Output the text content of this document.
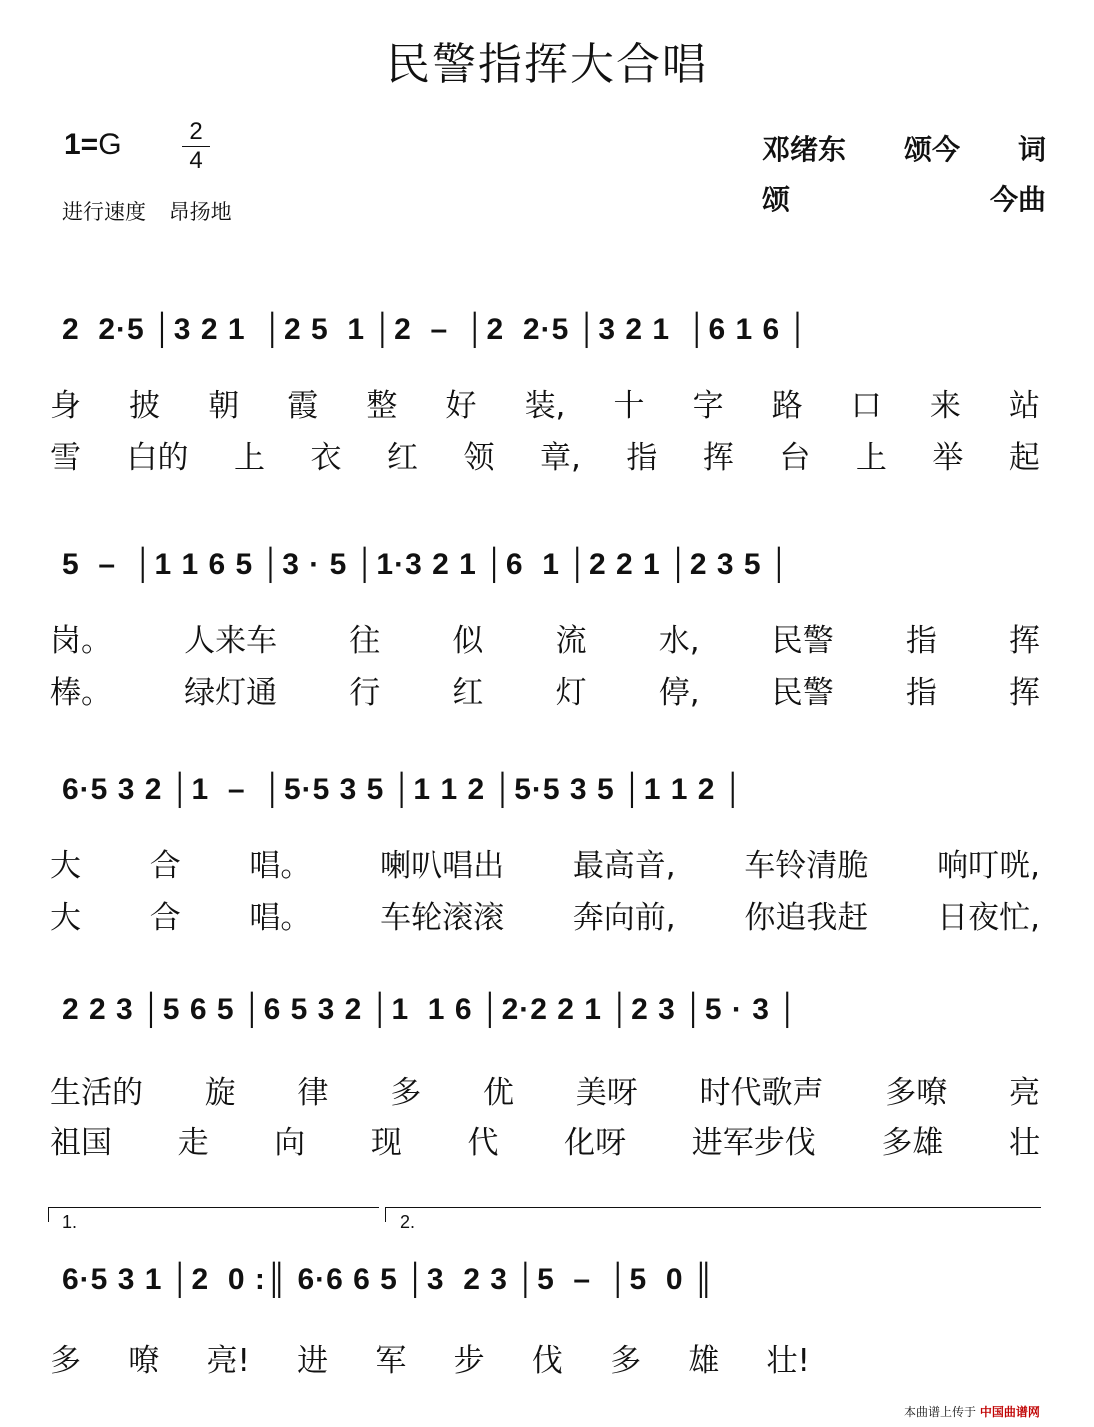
民警指挥大合唱
1=G	2
4
进行速度 昂扬地
邓绪东 颂今 词
颂	今曲
2  2·5 │3 2 1  │2 5  1 │2  –  │2  2·5 │3 2 1  │6 1 6 │
身 披 朝 霞 整 好 装, 十 字 路 口 来 站
雪 白的 上 衣 红 领 章, 指 挥 台 上 举 起
5  –  │1 1 6 5 │3 · 5 │1·3 2 1 │6  1 │2 2 1 │2 3 5 │
岗。 人来车 往 似 流 水, 民警 指 挥
棒。 绿灯通 行 红 灯 停, 民警 指 挥
6·5 3 2 │1  –  │5·5 3 5 │1 1 2 │5·5 3 5 │1 1 2 │
大 合 唱。 喇叭唱出 最高音, 车铃清脆 响叮咣,
大 合 唱。 车轮滚滚 奔向前, 你追我赶 日夜忙,
2 2 3 │5 6 5 │6 5 3 2 │1  1 6 │2·2 2 1 │2 3 │5 · 3 │
生活的 旋 律 多 优 美呀 时代歌声 多嘹 亮
祖国 走 向 现 代 化呀 进军步伐 多雄 壮
1.	2.
6·5 3 1 │2  0 :║ 6·6 6 5 │3  2 3 │5  –  │5  0 ║
多 嘹 亮! 进 军 步 伐 多 雄 壮!
本曲谱上传于 中国曲谱网
